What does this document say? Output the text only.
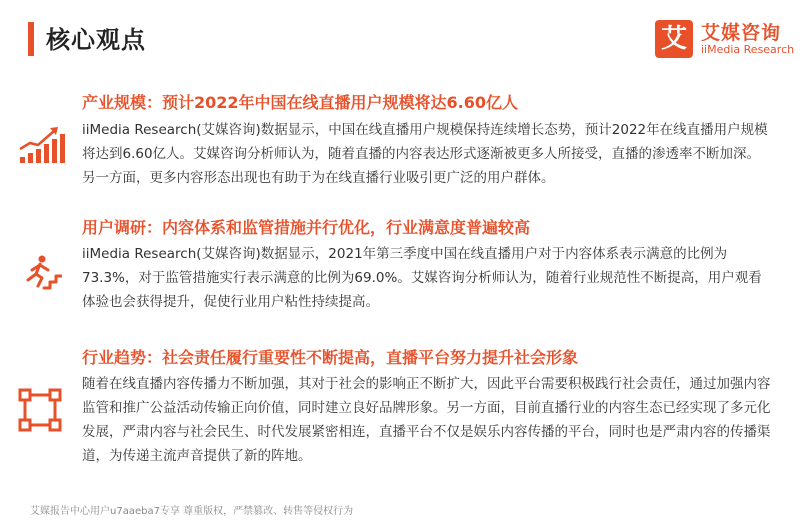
核心观点	艾 艾媒咨询
iiMedia Research
产业规模：预计2022年中国在线直播用户规模将达6.60亿人
iiMedia Research(艾媒咨询)数据显示，中国在线直播用户规模保持连续增长态势，预计2022年在线直播用户规模将达到6.60亿人。艾媒咨询分析师认为，随着直播的内容表达形式逐渐被更多人所接受，直播的渗透率不断加深。另一方面，更多内容形态出现也有助于为在线直播行业吸引更广泛的用户群体。
用户调研：内容体系和监管措施并行优化，行业满意度普遍较高
iiMedia Research(艾媒咨询)数据显示，2021年第三季度中国在线直播用户对于内容体系表示满意的比例为73.3%，对于监管措施实行表示满意的比例为69.0%。艾媒咨询分析师认为，随着行业规范性不断提高，用户观看体验也会获得提升，促使行业用户粘性持续提高。
行业趋势：社会责任履行重要性不断提高，直播平台努力提升社会形象
随着在线直播内容传播力不断加强，其对于社会的影响正不断扩大，因此平台需要积极践行社会责任，通过加强内容监管和推广公益活动传输正向价值，同时建立良好品牌形象。另一方面，目前直播行业的内容生态已经实现了多元化发展，严肃内容与社会民生、时代发展紧密相连，直播平台不仅是娱乐内容传播的平台，同时也是严肃内容的传播渠道，为传递主流声音提供了新的阵地。
艾媒报告中心用户u7aaeba7专享 尊重版权，严禁篡改、转售等侵权行为
